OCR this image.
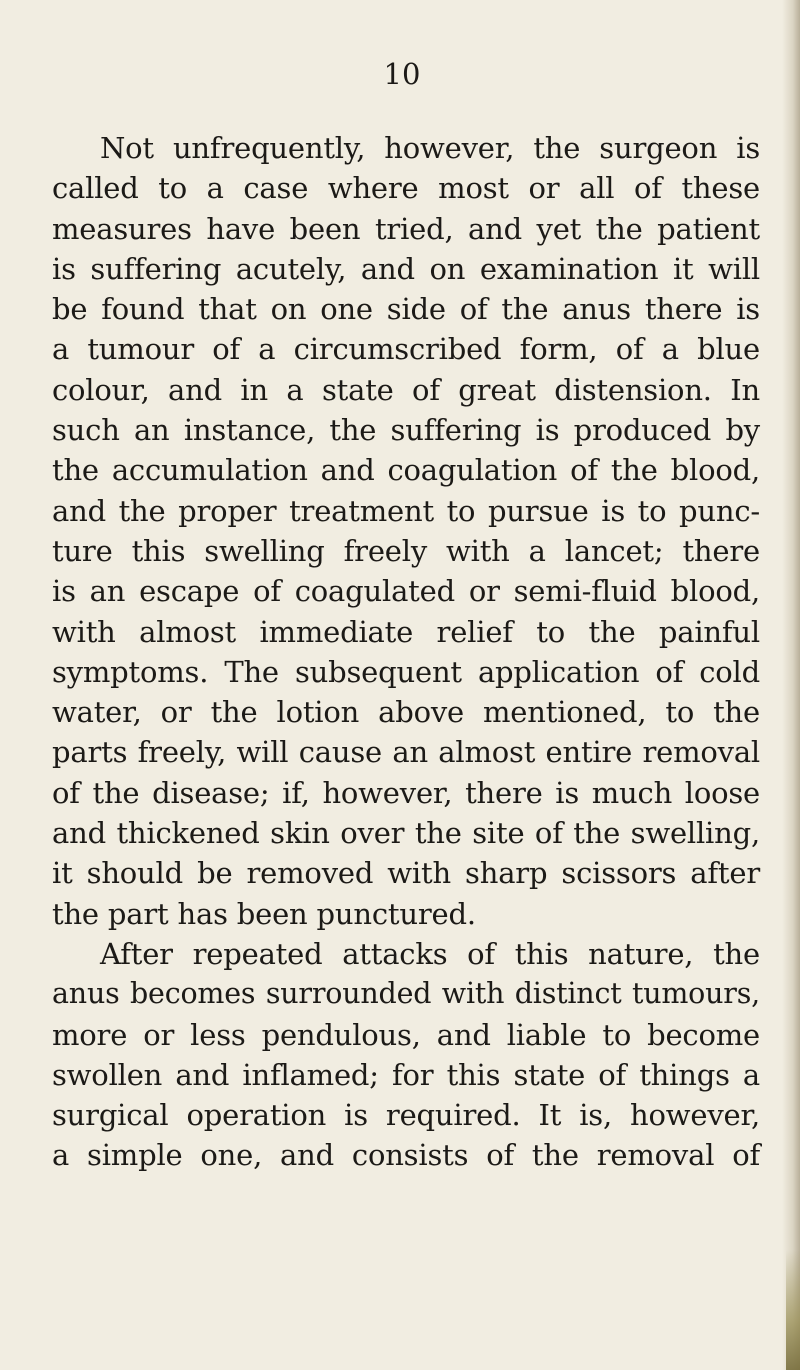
10
Not unfrequently, however, the surgeon is
called to a case where most or all of these
measures have been tried, and yet the patient
is suffering acutely, and on examination it will
be found that on one side of the anus there is
a tumour of a circumscribed form, of a blue
colour, and in a state of great distension. In
such an instance, the suffering is produced by
the accumulation and coagulation of the blood,
and the proper treatment to pursue is to punc-
ture this swelling freely with a lancet; there
is an escape of coagulated or semi-fluid blood,
with almost immediate relief to the painful
symptoms. The subsequent application of cold
water, or the lotion above mentioned, to the
parts freely, will cause an almost entire removal
of the disease; if, however, there is much loose
and thickened skin over the site of the swelling,
it should be removed with sharp scissors after
the part has been punctured.
After repeated attacks of this nature, the
anus becomes surrounded with distinct tumours,
more or less pendulous, and liable to become
swollen and inflamed; for this state of things a
surgical operation is required. It is, however,
a simple one, and consists of the removal of
